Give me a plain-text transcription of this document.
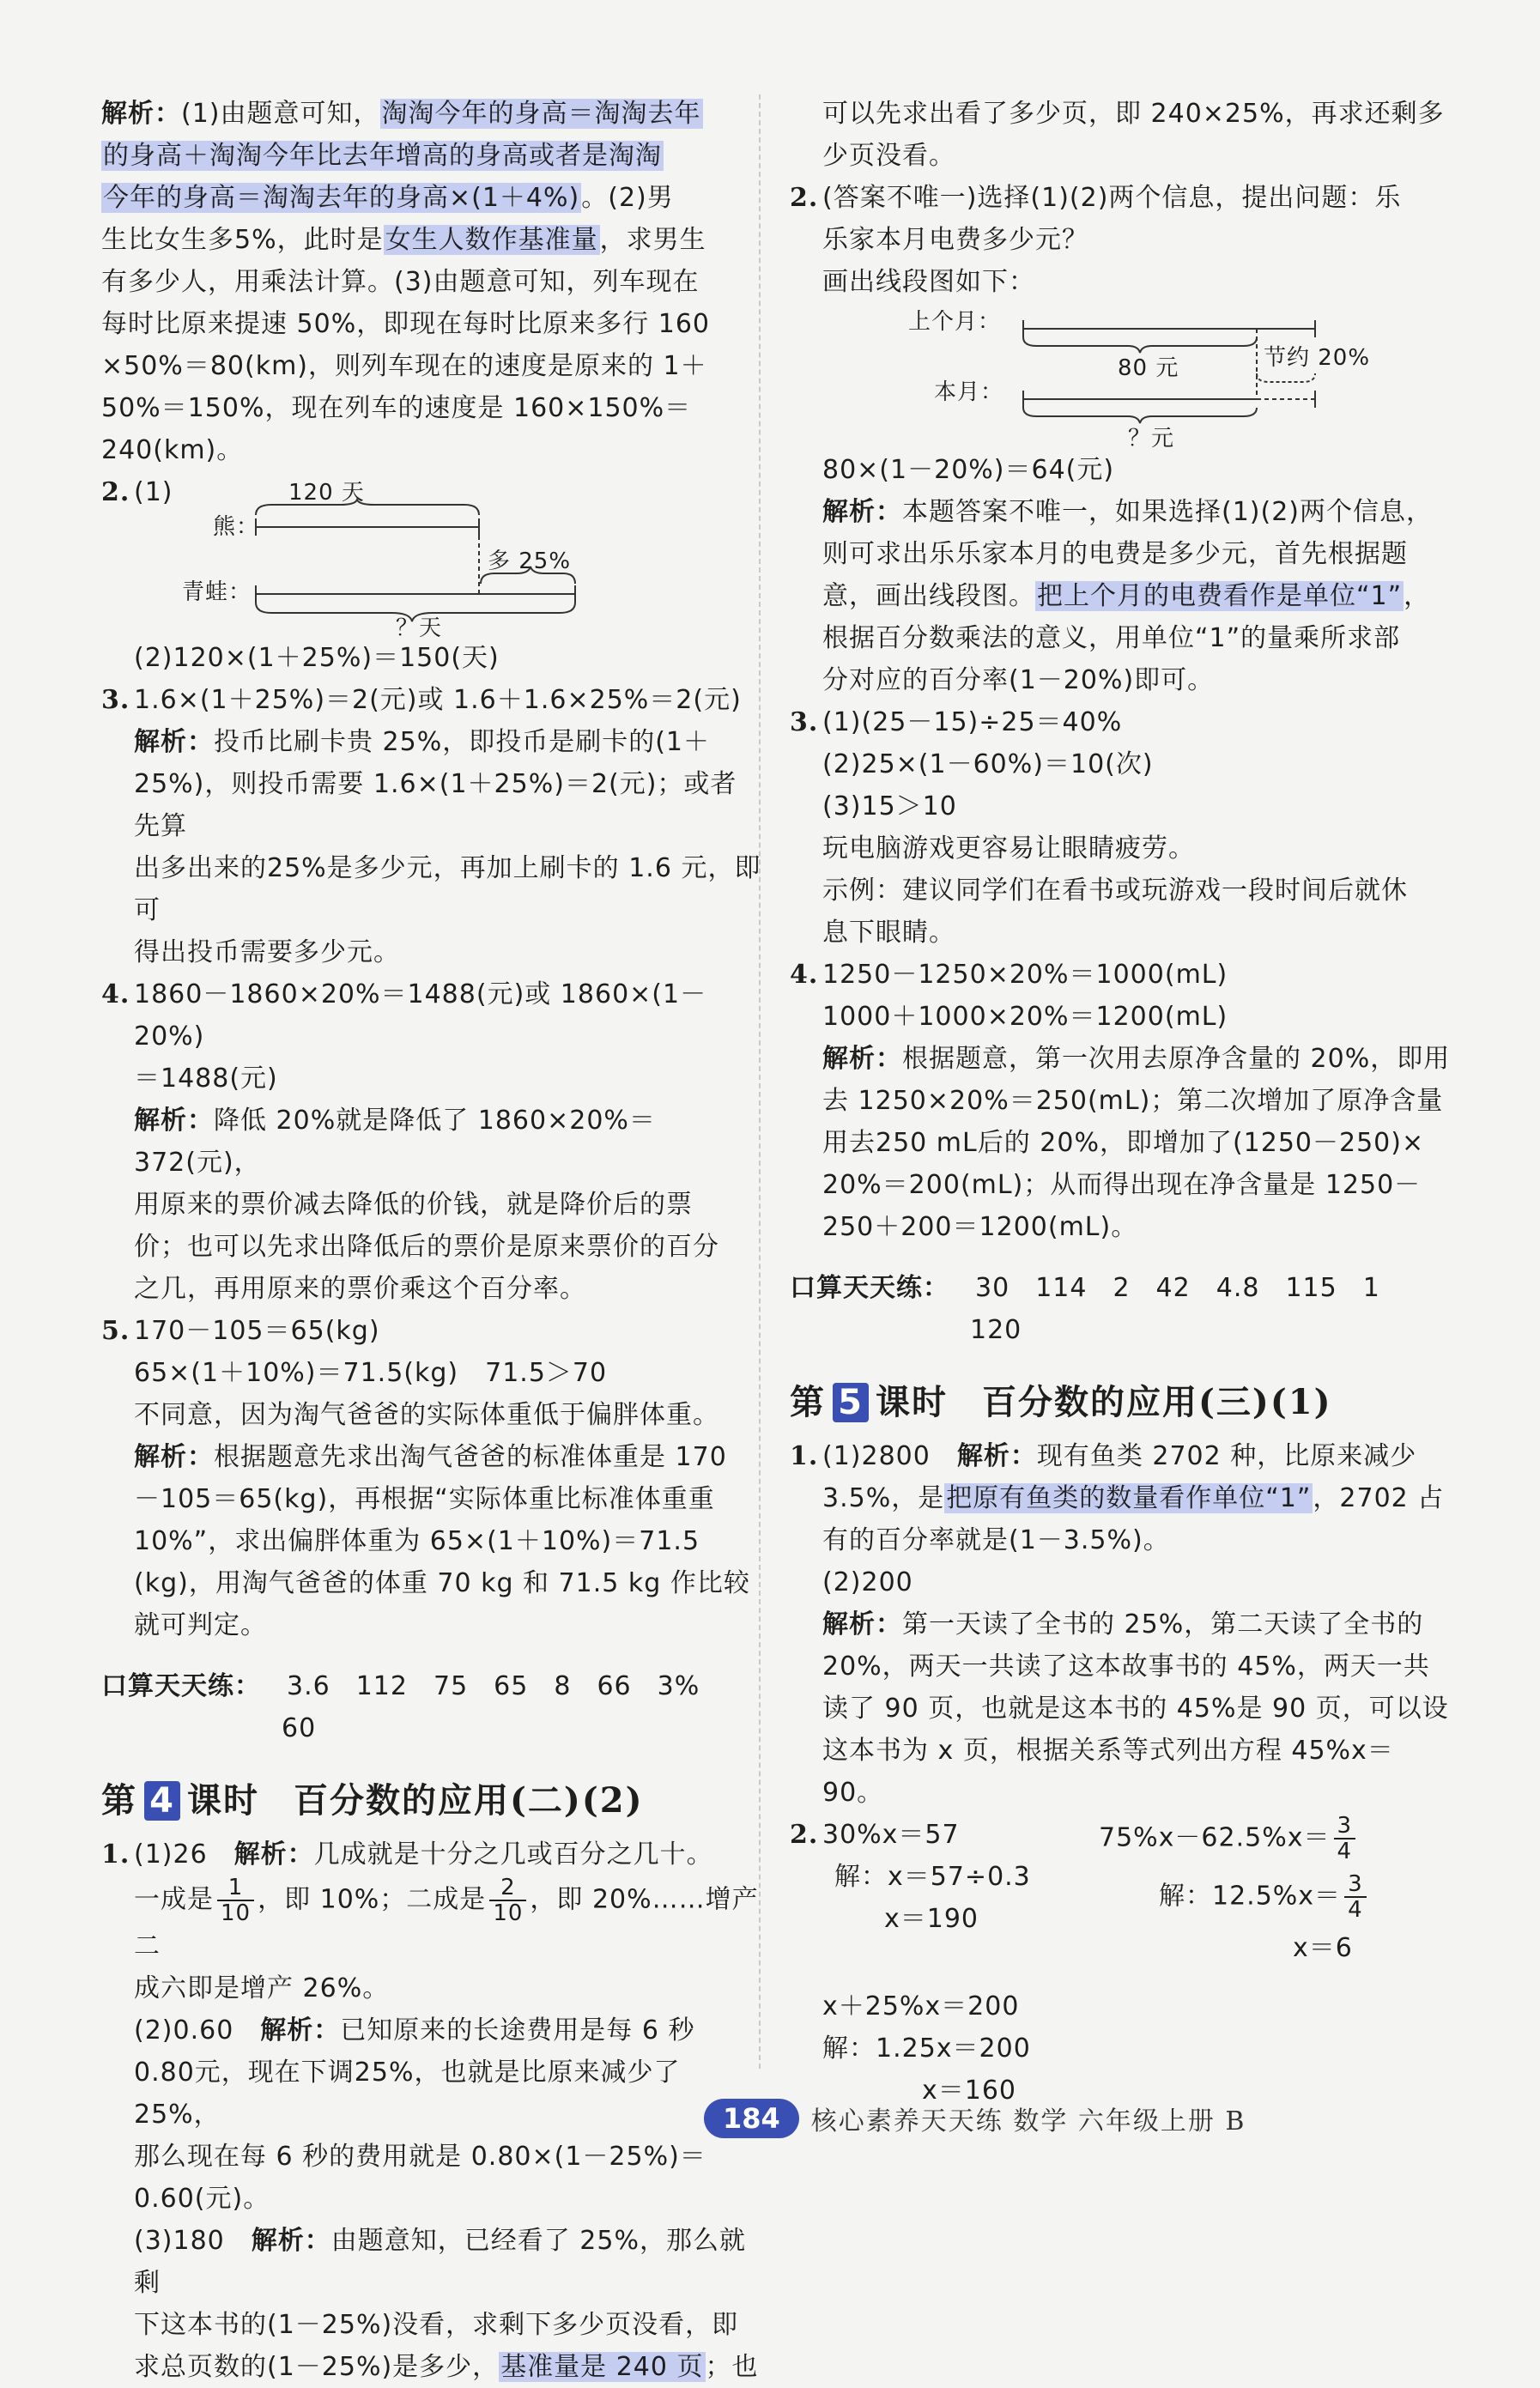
解析：(1)由题意可知，淘淘今年的身高＝淘淘去年
的身高＋淘淘今年比去年增高的身高或者是淘淘
今年的身高＝淘淘去年的身高×(1＋4%)。(2)男
生比女生多5%，此时是女生人数作基准量，求男生
有多少人，用乘法计算。(3)由题意可知，列车现在
每时比原来提速 50%，即现在每时比原来多行 160
×50%＝80(km)，则列车现在的速度是原来的 1＋
50%＝150%，现在列车的速度是 160×150%＝240(km)。

2. (1)	120 天
熊：
多 25%
青蛙：
？天

(2)120×(1＋25%)＝150(天)

3. 1.6×(1＋25%)＝2(元)或 1.6＋1.6×25%＝2(元)

解析：投币比刷卡贵 25%，即投币是刷卡的(1＋
25%)，则投币需要 1.6×(1＋25%)＝2(元)；或者先算
出多出来的25%是多少元，再加上刷卡的 1.6 元，即可
得出投币需要多少元。

4. 1860－1860×20%＝1488(元)或 1860×(1－20%)

＝1488(元)

解析：降低 20%就是降低了 1860×20%＝372(元)，
用原来的票价减去降低的价钱，就是降价后的票
价；也可以先求出降低后的票价是原来票价的百分
之几，再用原来的票价乘这个百分率。

5. 170－105＝65(kg)

65×(1＋10%)＝71.5(kg)　71.5＞70

不同意，因为淘气爸爸的实际体重低于偏胖体重。

解析：根据题意先求出淘气爸爸的标准体重是 170
－105＝65(kg)，再根据“实际体重比标准体重重
10%”，求出偏胖体重为 65×(1＋10%)＝71.5
(kg)，用淘气爸爸的体重 70 kg 和 71.5 kg 作比较
就可判定。

口算天天练： 3.6 112 75 65 8 66 3%
60
第 4 课时 百分数的应用(二)(2)
1. (1)26　解析：几成就是十分之几或百分之几十。
一成是 $\frac{1}{10}$ ，即 10%；二成是 $\frac{2}{10}$ ，即 20%……增产二
成六即是增产 26%。
(2)0.60　解析：已知原来的长途费用是每 6 秒
0.80元，现在下调25%，也就是比原来减少了25%，
那么现在每 6 秒的费用就是 0.80×(1－25%)＝
0.60(元)。
(3)180　解析：由题意知，已经看了 25%，那么就剩
下这本书的(1－25%)没看，求剩下多少页没看，即
求总页数的(1－25%)是多少，基准量是 240 页；也

可以先求出看了多少页，即 240×25%，再求还剩多
少页没看。

2. (答案不唯一)选择(1)(2)两个信息，提出问题：乐

乐家本月电费多少元？

画出线段图如下：

上个月：
80 元	节约 20%
本月：
？元

80×(1－20%)＝64(元)

解析：本题答案不唯一，如果选择(1)(2)两个信息，
则可求出乐乐家本月的电费是多少元，首先根据题
意，画出线段图。把上个月的电费看作是单位“1”，
根据百分数乘法的意义，用单位“1”的量乘所求部
分对应的百分率(1－20%)即可。

3. (1)(25－15)÷25＝40%

(2)25×(1－60%)＝10(次)

(3)15＞10

玩电脑游戏更容易让眼睛疲劳。

示例：建议同学们在看书或玩游戏一段时间后就休

息下眼睛。

4. 1250－1250×20%＝1000(mL)

1000＋1000×20%＝1200(mL)

解析：根据题意，第一次用去原净含量的 20%，即用
去 1250×20%＝250(mL)；第二次增加了原净含量
用去250 mL后的 20%，即增加了(1250－250)×
20%＝200(mL)；从而得出现在净含量是 1250－
250＋200＝1200(mL)。

口算天天练： 30 114 2 42 4.8 115 1
120
第 5 课时 百分数的应用(三)(1)
1. (1)2800　解析：现有鱼类 2702 种，比原来减少
3.5%，是把原有鱼类的数量看作单位“1”，2702 占
有的百分率就是(1－3.5%)。
(2)200
解析：第一天读了全书的 25%，第二天读了全书的
20%，两天一共读了这本故事书的 45%，两天一共
读了 90 页，也就是这本书的 45%是 90 页，可以设
这本书为 x 页，根据关系等式列出方程 45%x＝90。

2. 30%x＝57

解：x＝57÷0.3

x＝190

$75\%x-62.5\%x= \frac{3}{4}$

解：$12.5\%x= \frac{3}{4}$

x＝6

x＋25%x＝200

解：1.25x＝200

x＝160

184	核心素养天天练 数学 六年级上册 B
